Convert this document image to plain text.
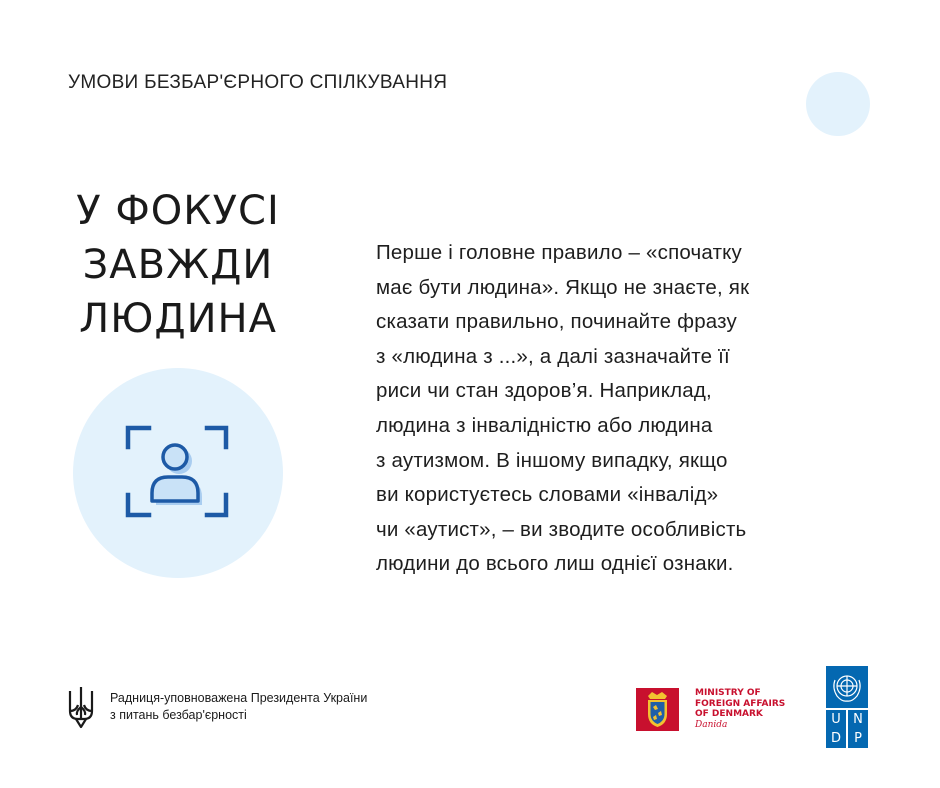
УМОВИ БЕЗБАР'ЄРНОГО СПІЛКУВАННЯ
У ФОКУСІ
ЗАВЖДИ
ЛЮДИНА
Перше і головне правило – «спочатку
має бути людина». Якщо не знаєте, як
сказати правильно, починайте фразу
з «людина з ...», а далі зазначайте її
риси чи стан здоров’я. Наприклад,
людина з інвалідністю або людина
з аутизмом. В іншому випадку, якщо
ви користуєтесь словами «інвалід»
чи «аутист», – ви зводите особливість
людини до всього лиш однієї ознаки.
Радниця-уповноважена Президента України
з питань безбар'єрності
MINISTRY OF
FOREIGN AFFAIRS
OF DENMARK
Danida	U N
D	P
